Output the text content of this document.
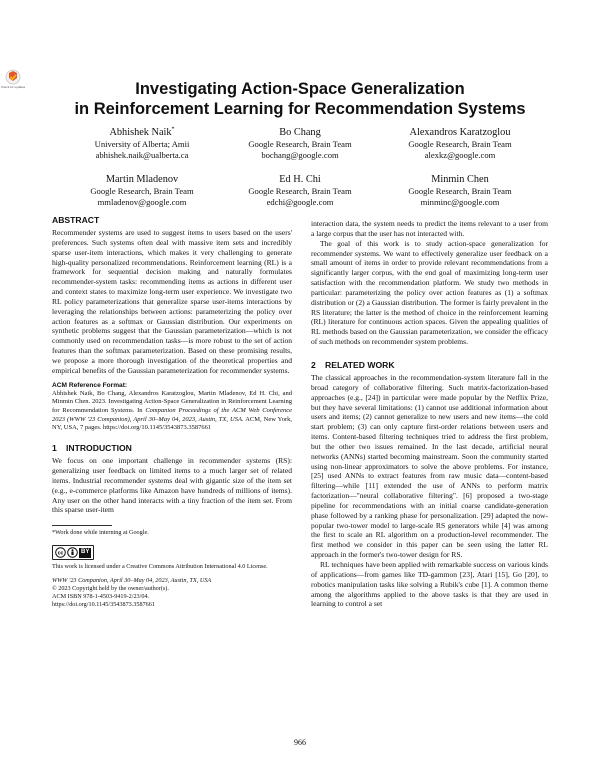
Check for updates	Investigating Action-Space Generalization
in Reinforcement Learning for Recommendation Systems
Abhishek Naik*
University of Alberta; Amii
abhishek.naik@ualberta.ca
Bo Chang
Google Research, Brain Team
bochang@google.com
Alexandros Karatzoglou
Google Research, Brain Team
alexkz@google.com
Martin Mladenov
Google Research, Brain Team
mmladenov@google.com
Ed H. Chi
Google Research, Brain Team
edchi@google.com
Minmin Chen
Google Research, Brain Team
minminc@google.com
ABSTRACT

Recommender systems are used to suggest items to users based on the users' preferences. Such systems often deal with massive item sets and incredibly sparse user-item interactions, which makes it very challenging to generate high-quality personalized recommendations. Reinforcement learning (RL) is a framework for sequential decision making and naturally formulates recommender-system tasks: recommending items as actions in different user and context states to maximize long-term user experience. We investigate two RL policy parameterizations that generalize sparse user-items interactions by leveraging the relationships between actions: parameterizing the policy over action features as a softmax or Gaussian distribution. Our experiments on synthetic problems suggest that the Gaussian parameterization—which is not commonly used on recommendation tasks—is more robust to the set of action features than the softmax parameterization. Based on these promising results, we propose a more thorough investigation of the theoretical properties and empirical benefits of the Gaussian parameterization for recommender systems.

ACM Reference Format:
Abhishek Naik, Bo Chang, Alexandros Karatzoglou, Martin Mladenov, Ed H. Chi, and Minmin Chen. 2023. Investigating Action-Space Generalization in Reinforcement Learning for Recommendation Systems. In Companion Proceedings of the ACM Web Conference 2023 (WWW '23 Companion), April 30–May 04, 2023, Austin, TX, USA. ACM, New York, NY, USA, 7 pages. https://doi.org/10.1145/3543873.3587661
1 INTRODUCTION

We focus on one important challenge in recommender systems (RS): generalizing user feedback on limited items to a much larger set of related items. Industrial recommender systems deal with gigantic size of the item set (e.g., e-commerce platforms like Amazon have hundreds of millions of items). Any user on the other hand interacts with a tiny fraction of the item set. From this sparse user-item

*Work done while interning at Google.
cc	BY
This work is licensed under a Creative Commons Attribution International 4.0 License.
WWW '23 Companion, April 30–May 04, 2023, Austin, TX, USA
© 2023 Copyright held by the owner/author(s).
ACM ISBN 978-1-4503-9419-2/23/04.
https://doi.org/10.1145/3543873.3587661

interaction data, the system needs to predict the items relevant to a user from a large corpus that the user has not interacted with.

The goal of this work is to study action-space generalization for recommender systems. We want to effectively generalize user feedback on a small amount of items in order to provide relevant recommendations from a significantly larger corpus, with the end goal of maximizing long-term user satisfaction with the recommendation platform. We study two methods in particular: parameterizing the policy over action features as (1) a softmax distribution or (2) a Gaussian distribution. The former is fairly prevalent in the RS literature; the latter is the method of choice in the reinforcement learning (RL) literature for continuous action spaces. Given the appealing qualities of RL methods based on the Gaussian parameterization, we consider the efficacy of such methods on recommender system problems.

2 RELATED WORK

The classical approaches in the recommendation-system literature fall in the broad category of collaborative filtering. Such matrix-factorization-based approaches (e.g., [24]) in particular were made popular by the Netflix Prize, but they have several limitations: (1) cannot use additional information about users and items; (2) cannot generalize to new users and new items—the cold start problem; (3) can only capture first-order relations between users and items. Content-based filtering techniques tried to address the first problem, but the other two issues remained. In the last decade, artificial neural networks (ANNs) started becoming mainstream. Soon the community started using non-linear approximators to solve the above problems. For instance, [25] used ANNs to extract features from raw music data—content-based filtering—while [11] extended the use of ANNs to perform matrix factorization—"neural collaborative filtering". [6] proposed a two-stage pipeline for recommendations with an initial coarse candidate-generation phase followed by a ranking phase for personalization. [29] adapted the now-popular two-tower model to large-scale RS generators while [4] was among the first to scale an RL algorithm on a production-level recommender. The first method we consider in this paper can be seen using the latter RL approach in the former's two-tower design for RS.

RL techniques have been applied with remarkable success on various kinds of applications—from games like TD-gammon [23], Atari [15], Go [20], to robotics manipulation tasks like solving a Rubik's cube [1]. A common theme among the algorithms applied to the above tasks is that they are used in learning to control a set

966
